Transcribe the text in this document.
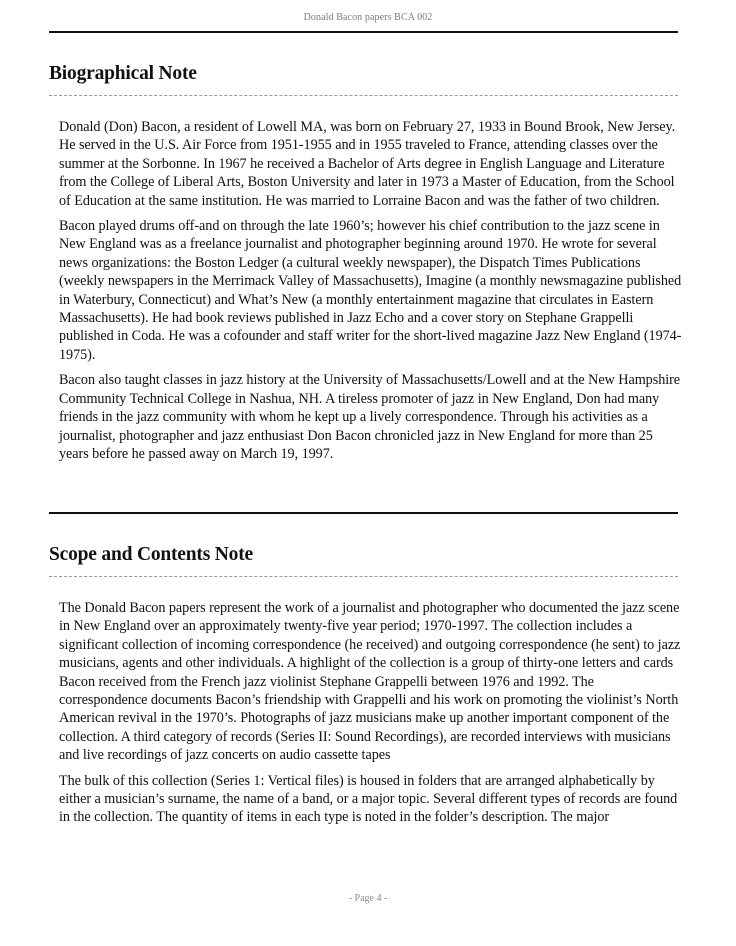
Donald Bacon papers BCA 002
Biographical Note

Donald (Don) Bacon, a resident of Lowell MA, was born on February 27, 1933 in Bound Brook, New Jersey. He served in the U.S. Air Force from 1951-1955 and in 1955 traveled to France, attending classes over the summer at the Sorbonne. In 1967 he received a Bachelor of Arts degree in English Language and Literature from the College of Liberal Arts, Boston University and later in 1973 a Master of Education, from the School of Education at the same institution. He was married to Lorraine Bacon and was the father of two children.

Bacon played drums off-and on through the late 1960’s; however his chief contribution to the jazz scene in New England was as a freelance journalist and photographer beginning around 1970. He wrote for several news organizations: the Boston Ledger (a cultural weekly newspaper), the Dispatch Times Publications (weekly newspapers in the Merrimack Valley of Massachusetts), Imagine (a monthly newsmagazine published in Waterbury, Connecticut) and What’s New (a monthly entertainment magazine that circulates in Eastern Massachusetts). He had book reviews published in Jazz Echo and a cover story on Stephane Grappelli published in Coda. He was a cofounder and staff writer for the short-lived magazine Jazz New England (1974-1975).

Bacon also taught classes in jazz history at the University of Massachusetts/Lowell and at the New Hampshire Community Technical College in Nashua, NH. A tireless promoter of jazz in New England, Don had many friends in the jazz community with whom he kept up a lively correspondence. Through his activities as a journalist, photographer and jazz enthusiast Don Bacon chronicled jazz in New England for more than 25 years before he passed away on March 19, 1997.

Scope and Contents Note

The Donald Bacon papers represent the work of a journalist and photographer who documented the jazz scene in New England over an approximately twenty-five year period; 1970-1997. The collection includes a significant collection of incoming correspondence (he received) and outgoing correspondence (he sent) to jazz musicians, agents and other individuals. A highlight of the collection is a group of thirty-one letters and cards Bacon received from the French jazz violinist Stephane Grappelli between 1976 and 1992. The correspondence documents Bacon’s friendship with Grappelli and his work on promoting the violinist’s North American revival in the 1970’s. Photographs of jazz musicians make up another important component of the collection. A third category of records (Series II: Sound Recordings), are recorded interviews with musicians and live recordings of jazz concerts on audio cassette tapes

The bulk of this collection (Series 1: Vertical files) is housed in folders that are arranged alphabetically by either a musician’s surname, the name of a band, or a major topic. Several different types of records are found in the collection. The quantity of items in each type is noted in the folder’s description. The major

- Page 4 -
